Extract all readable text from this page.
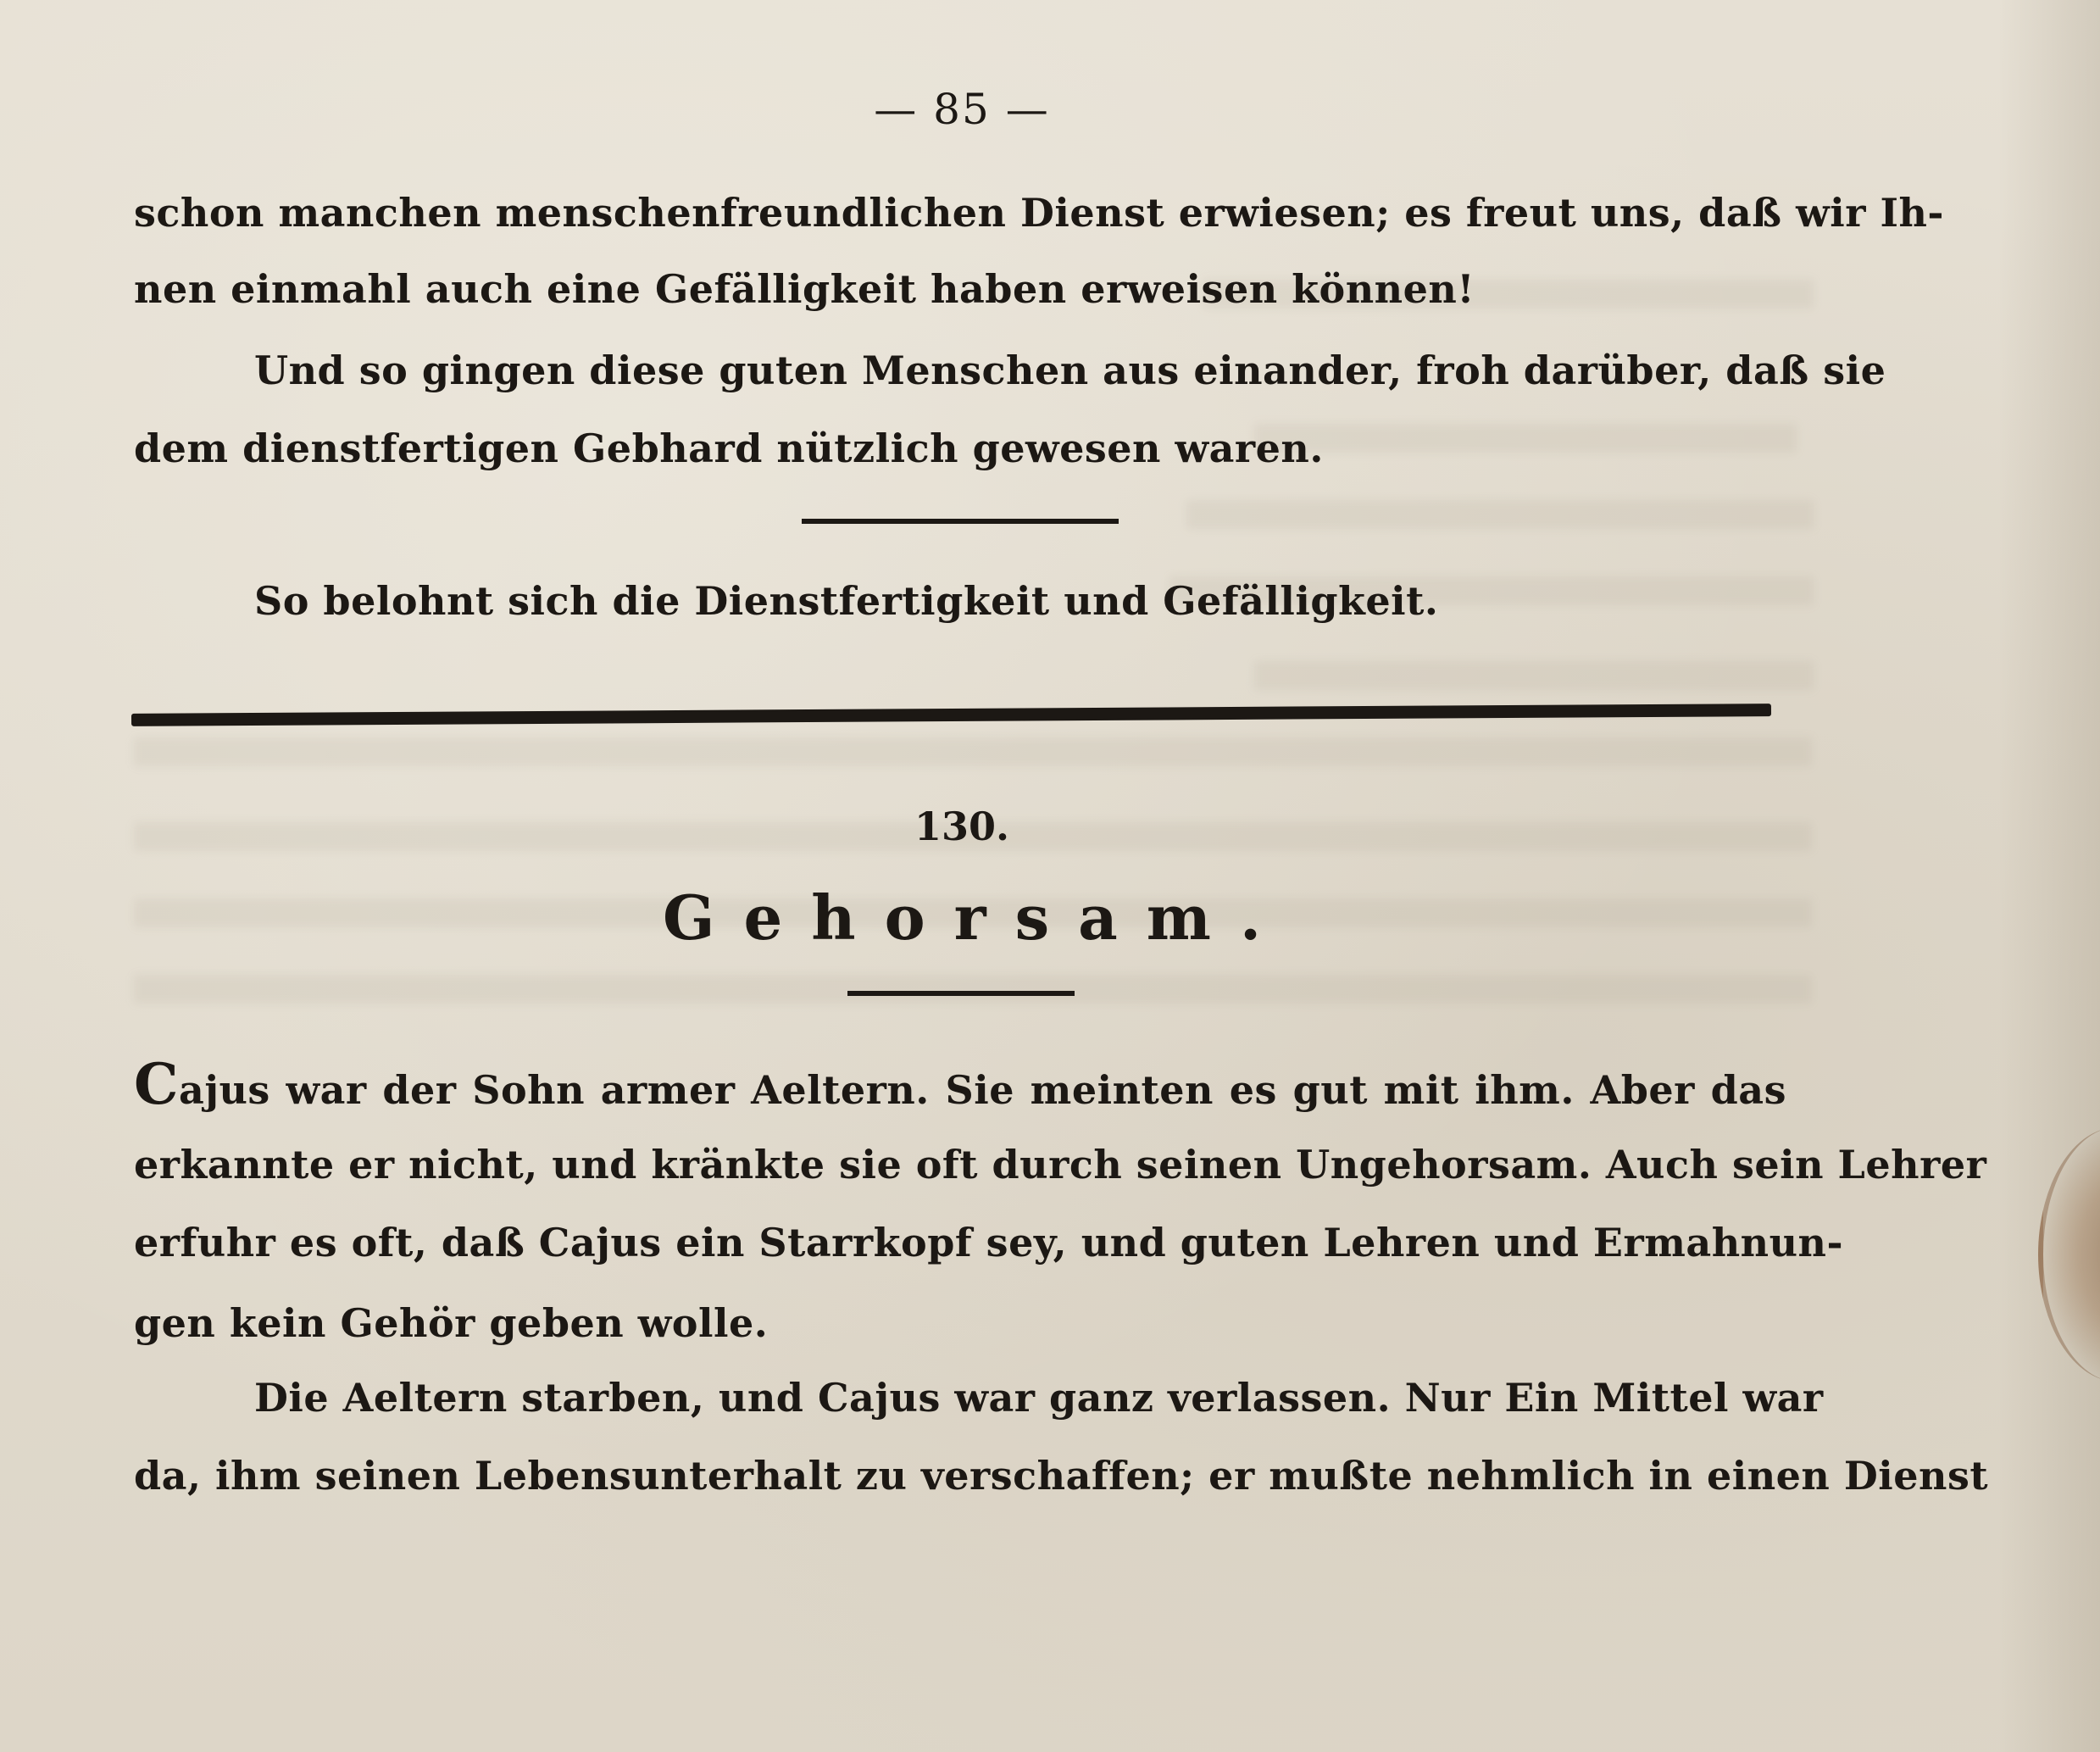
— 85 —
schon manchen menschenfreundlichen Dienst erwiesen; es freut uns, daß wir Ih-
nen einmahl auch eine Gefälligkeit haben erweisen können!
Und so gingen diese guten Menschen aus einander, froh darüber, daß sie
dem dienstfertigen Gebhard nützlich gewesen waren.
So belohnt sich die Dienstfertigkeit und Gefälligkeit.
130.
Gehorsam.
Cajus war der Sohn armer Aeltern. Sie meinten es gut mit ihm. Aber das
erkannte er nicht, und kränkte sie oft durch seinen Ungehorsam. Auch sein Lehrer
erfuhr es oft, daß Cajus ein Starrkopf sey, und guten Lehren und Ermahnun-
gen kein Gehör geben wolle.
Die Aeltern starben, und Cajus war ganz verlassen. Nur Ein Mittel war
da, ihm seinen Lebensunterhalt zu verschaffen; er mußte nehmlich in einen Dienst
